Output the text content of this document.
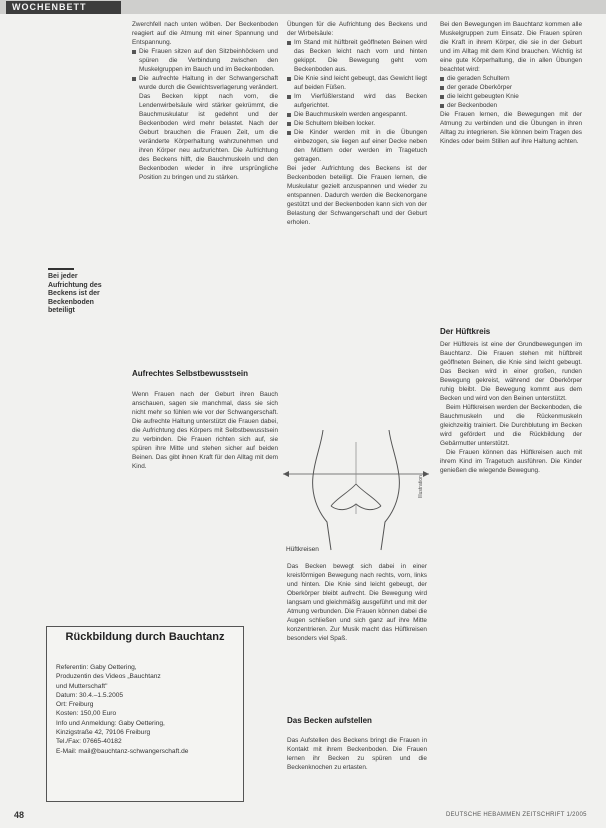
WOCHENBETT
Bei jeder Aufrichtung des Beckens ist der Beckenboden beteiligt

Zwerchfell nach unten wölben. Der Beckenboden reagiert auf die Atmung mit einer Spannung und Entspannung.

Die Frauen sitzen auf den Sitzbeinhöckern und spüren die Verbindung zwischen den Muskelgruppen im Bauch und im Beckenboden.
Die aufrechte Haltung in der Schwangerschaft wurde durch die Gewichtsverlagerung verändert. Das Becken kippt nach vorn, die Lendenwirbelsäule wird stärker gekrümmt, die Bauchmuskulatur ist gedehnt und der Beckenboden wird mehr belastet. Nach der Geburt brauchen die Frauen Zeit, um die veränderte Körperhaltung wahrzunehmen und ihren Körper neu aufzurichten. Die Aufrichtung des Beckens hilft, die Bauchmuskeln und den Beckenboden wieder in ihre ursprüngliche Position zu bringen und zu stärken.
Aufrechtes Selbstbewusstsein

Wenn Frauen nach der Geburt ihren Bauch anschauen, sagen sie manchmal, dass sie sich nicht mehr so fühlen wie vor der Schwangerschaft. Die aufrechte Haltung unterstützt die Frauen dabei, die Aufrichtung des Körpers mit Selbstbewusstsein zu verbinden. Die Frauen richten sich auf, sie spüren ihre Mitte und stehen sicher auf beiden Beinen. Das gibt ihnen Kraft für den Alltag mit dem Kind.

Übungen für die Aufrichtung des Beckens und der Wirbelsäule:

Im Stand mit hüftbreit geöffneten Beinen wird das Becken leicht nach vorn und hinten gekippt. Die Bewegung geht vom Beckenboden aus.
Die Knie sind leicht gebeugt, das Gewicht liegt auf beiden Füßen.
Im Vierfüßlerstand wird das Becken aufgerichtet.
Die Bauchmuskeln werden angespannt.
Die Schultern bleiben locker.
Die Kinder werden mit in die Übungen einbezogen, sie liegen auf einer Decke neben den Müttern oder werden im Tragetuch getragen.

Bei jeder Aufrichtung des Beckens ist der Beckenboden beteiligt. Die Frauen lernen, die Muskulatur gezielt anzuspannen und wieder zu entspannen. Dadurch werden die Beckenorgane gestützt und der Beckenboden kann sich von der Belastung der Schwangerschaft und der Geburt erholen.

Hüftkreisen
Illustration

Das Becken bewegt sich dabei in einer kreisförmigen Bewegung nach rechts, vorn, links und hinten. Die Knie sind leicht gebeugt, der Oberkörper bleibt aufrecht. Die Bewegung wird langsam und gleichmäßig ausgeführt und mit der Atmung verbunden. Die Frauen können dabei die Augen schließen und sich ganz auf ihre Mitte konzentrieren. Zur Musik macht das Hüftkreisen besonders viel Spaß.

Das Becken aufstellen

Das Aufstellen des Beckens bringt die Frauen in Kontakt mit ihrem Beckenboden. Die Frauen lernen ihr Becken zu spüren und die Beckenknochen zu ertasten.

Bei den Bewegungen im Bauchtanz kommen alle Muskelgruppen zum Einsatz. Die Frauen spüren die Kraft in ihrem Körper, die sie in der Geburt und im Alltag mit dem Kind brauchen. Wichtig ist eine gute Körperhaltung, die in allen Übungen beachtet wird:

die geraden Schultern
der gerade Oberkörper
die leicht gebeugten Knie
der Beckenboden

Die Frauen lernen, die Bewegungen mit der Atmung zu verbinden und die Übungen in ihren Alltag zu integrieren. Sie können beim Tragen des Kindes oder beim Stillen auf ihre Haltung achten.

Der Hüftkreis

Der Hüftkreis ist eine der Grundbewegungen im Bauchtanz. Die Frauen stehen mit hüftbreit geöffneten Beinen, die Knie sind leicht gebeugt. Das Becken wird in einer großen, runden Bewegung gekreist, während der Oberkörper ruhig bleibt. Die Bewegung kommt aus dem Becken und wird von den Beinen unterstützt.

Beim Hüftkreisen werden der Beckenboden, die Bauchmuskeln und die Rückenmuskeln gleichzeitig trainiert. Die Durchblutung im Becken wird gefördert und die Rückbildung der Gebärmutter unterstützt.

Die Frauen können das Hüftkreisen auch mit ihrem Kind im Tragetuch ausführen. Die Kinder genießen die wiegende Bewegung.

Rückbildung durch Bauchtanz
Referentin: Gaby Oettering,
Produzentin des Videos „Bauchtanz
und Mutterschaft"
Datum: 30.4.–1.5.2005
Ort: Freiburg
Kosten: 150,00 Euro
Info und Anmeldung: Gaby Oettering,
Kinzigstraße 42, 79106 Freiburg
Tel./Fax: 07665-40182
E-Mail: mail@bauchtanz-schwangerschaft.de
48	DEUTSCHE HEBAMMEN ZEITSCHRIFT 1/2005
